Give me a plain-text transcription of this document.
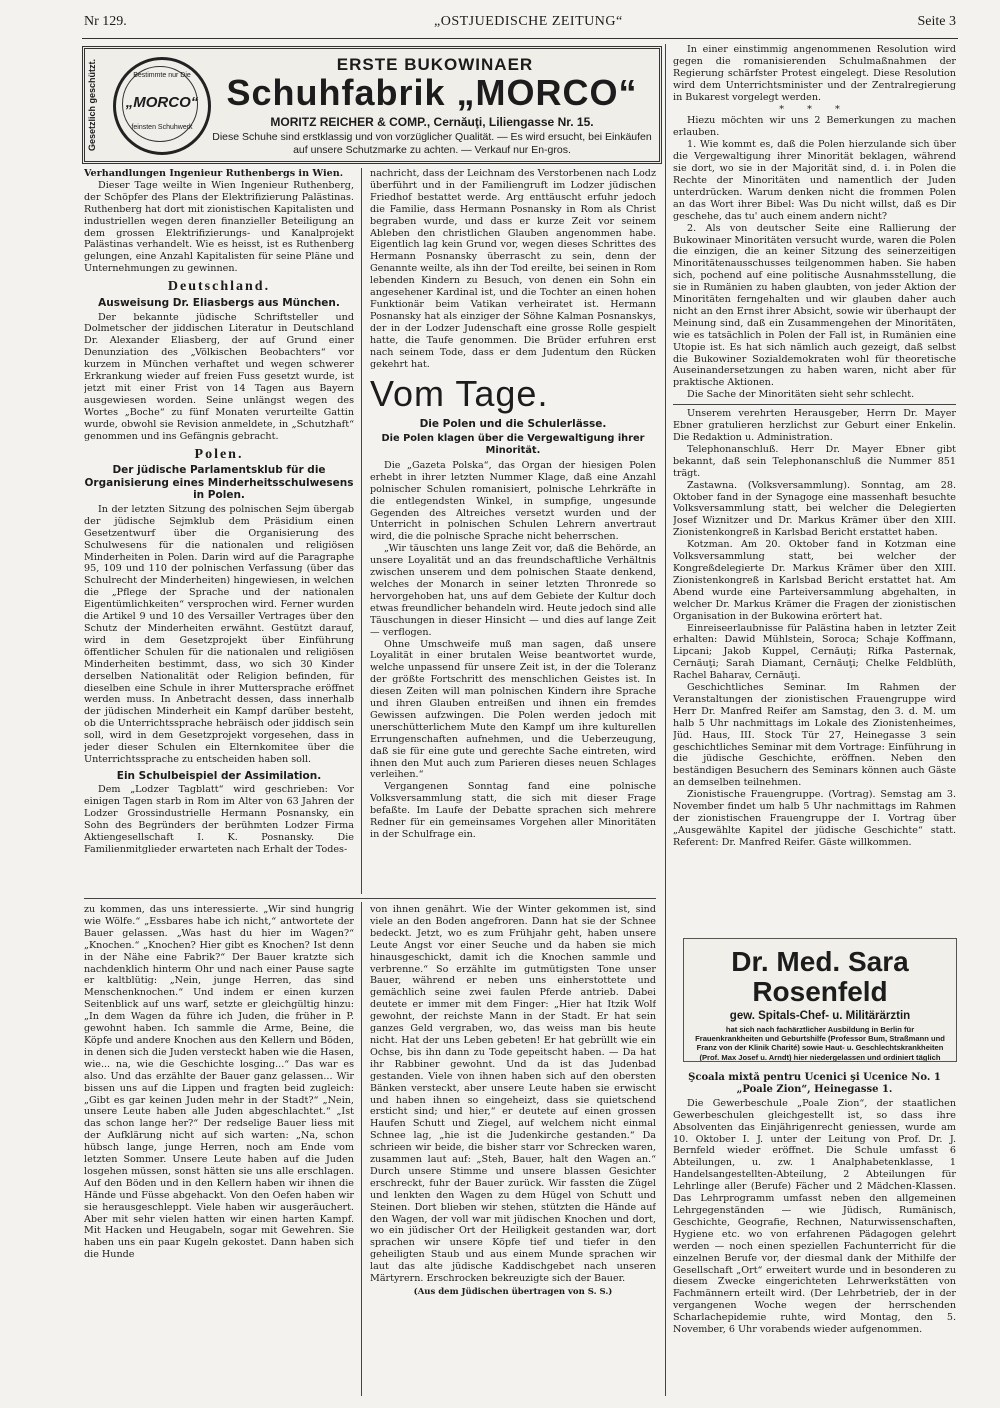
Nr 129.	„OSTJUEDISCHE ZEITUNG“	Seite 3
Gesetzlich geschützt.	Bestimmte nur Die
„MORCO“
feinsten Schuhwerk
ERSTE BUKOWINAER
Schuhfabrik „MORCO“
MORITZ REICHER & COMP., Cernăuţi, Liliengasse Nr. 15.
Diese Schuhe sind erstklassig und von vorzüglicher Qualität. — Es wird ersucht, bei Einkäufen auf unsere Schutzmarke zu achten. — Verkauf nur En-gros.

Verhandlungen Ingenieur Ruthenbergs in Wien.

Dieser Tage weilte in Wien Ingenieur Ruthenberg, der Schöpfer des Plans der Elektrifizierung Palästinas. Ruthenberg hat dort mit zionistischen Kapitalisten und industriellen wegen deren finanzieller Beteiligung an dem grossen Elektrifizierungs- und Kanalprojekt Palästinas verhandelt. Wie es heisst, ist es Ruthenberg gelungen, eine Anzahl Kapitalisten für seine Pläne und Unternehmungen zu gewinnen.

Deutschland.
Ausweisung Dr. Eliasbergs aus München.

Der bekannte jüdische Schriftsteller und Dolmetscher der jiddischen Literatur in Deutschland Dr. Alexander Eliasberg, der auf Grund einer Denunziation des „Völkischen Beobachters“ vor kurzem in München verhaftet und wegen schwerer Erkrankung wieder auf freien Fuss gesetzt wurde, ist jetzt mit einer Frist von 14 Tagen aus Bayern ausgewiesen worden. Seine unlängst wegen des Wortes „Boche“ zu fünf Monaten verurteilte Gattin wurde, obwohl sie Revision anmeldete, in „Schutzhaft“ genommen und ins Gefängnis gebracht.

Polen.
Der jüdische Parlamentsklub für die Organisierung eines Minderheitsschulwesens in Polen.

In der letzten Sitzung des polnischen Sejm übergab der jüdische Sejmklub dem Präsidium einen Gesetzentwurf über die Organisierung des Schulwesens für die nationalen und religiösen Minderheiten in Polen. Darin wird auf die Paragraphe 95, 109 und 110 der polnischen Verfassung (über das Schulrecht der Minderheiten) hingewiesen, in welchen die „Pflege der Sprache und der nationalen Eigentümlichkeiten“ versprochen wird. Ferner wurden die Artikel 9 und 10 des Versailler Vertrages über den Schutz der Minderheiten erwähnt. Gestützt darauf, wird in dem Gesetzprojekt über Einführung öffentlicher Schulen für die nationalen und religiösen Minderheiten bestimmt, dass, wo sich 30 Kinder derselben Nationalität oder Religion befinden, für dieselben eine Schule in ihrer Muttersprache eröffnet werden muss. In Anbetracht dessen, dass innerhalb der jüdischen Minderheit ein Kampf darüber besteht, ob die Unterrichtssprache hebräisch oder jiddisch sein soll, wird in dem Gesetzprojekt vorgesehen, dass in jeder dieser Schulen ein Elternkomitee über die Unterrichtssprache zu entscheiden haben soll.

Ein Schulbeispiel der Assimilation.

Dem „Lodzer Tagblatt“ wird geschrieben: Vor einigen Tagen starb in Rom im Alter von 63 Jahren der Lodzer Grossindustrielle Hermann Posnansky, ein Sohn des Begründers der berühmten Lodzer Firma Aktiengesellschaft I. K. Posnansky. Die Familienmitglieder erwarteten nach Erhalt der Todes-

nachricht, dass der Leichnam des Verstorbenen nach Lodz überführt und in der Familiengruft im Lodzer jüdischen Friedhof bestattet werde. Arg enttäuscht erfuhr jedoch die Familie, dass Hermann Posnansky in Rom als Christ begraben wurde, und dass er kurze Zeit vor seinem Ableben den christlichen Glauben angenommen habe. Eigentlich lag kein Grund vor, wegen dieses Schrittes des Hermann Posnansky überrascht zu sein, denn der Genannte weilte, als ihn der Tod ereilte, bei seinen in Rom lebenden Kindern zu Besuch, von denen ein Sohn ein angesehener Kardinal ist, und die Tochter an einen hohen Funktionär beim Vatikan verheiratet ist. Hermann Posnansky hat als einziger der Söhne Kalman Posnanskys, der in der Lodzer Judenschaft eine grosse Rolle gespielt hatte, die Taufe genommen. Die Brüder erfuhren erst nach seinem Tode, dass er dem Judentum den Rücken gekehrt hat.

Vom Tage.
Die Polen und die Schulerlässe.
Die Polen klagen über die Vergewaltigung ihrer Minorität.

Die „Gazeta Polska“, das Organ der hiesigen Polen erhebt in ihrer letzten Nummer Klage, daß eine Anzahl polnischer Schulen romanisiert, polnische Lehrkräfte in die entlegendsten Winkel, in sumpfige, ungesunde Gegenden des Altreiches versetzt wurden und der Unterricht in polnischen Schulen Lehrern anvertraut wird, die die polnische Sprache nicht beherrschen.

„Wir täuschten uns lange Zeit vor, daß die Behörde, an unsere Loyalität und an das freundschaftliche Verhältnis zwischen unserem und dem polnischen Staate denkend, welches der Monarch in seiner letzten Thronrede so hervorgehoben hat, uns auf dem Gebiete der Kultur doch etwas freundlicher behandeln wird. Heute jedoch sind alle Täuschungen in dieser Hinsicht — und dies auf lange Zeit — verflogen.

Ohne Umschweife muß man sagen, daß unsere Loyalität in einer brutalen Weise beantwortet wurde, welche unpassend für unsere Zeit ist, in der die Toleranz der größte Fortschritt des menschlichen Geistes ist. In diesen Zeiten will man polnischen Kindern ihre Sprache und ihren Glauben entreißen und ihnen ein fremdes Gewissen aufzwingen. Die Polen werden jedoch mit unerschütterlichem Mute den Kampf um ihre kulturellen Errungenschaften aufnehmen, und die Ueberzeugung, daß sie für eine gute und gerechte Sache eintreten, wird ihnen den Mut auch zum Parieren dieses neuen Schlages verleihen.“

Vergangenen Sonntag fand eine polnische Volksversammlung statt, die sich mit dieser Frage befaßte. Im Laufe der Debatte sprachen sich mehrere Redner für ein gemeinsames Vorgehen aller Minoritäten in der Schulfrage ein.

In einer einstimmig angenommenen Resolution wird gegen die romanisierenden Schulmaßnahmen der Regierung schärfster Protest eingelegt. Diese Resolution wird dem Unterrichtsminister und der Zentralregierung in Bukarest vorgelegt werden.

* * *

Hiezu möchten wir uns 2 Bemerkungen zu machen erlauben.

1. Wie kommt es, daß die Polen hierzulande sich über die Vergewaltigung ihrer Minorität beklagen, während sie dort, wo sie in der Majorität sind, d. i. in Polen die Rechte der Minoritäten und namentlich der Juden unterdrücken. Warum denken nicht die frommen Polen an das Wort ihrer Bibel: Was Du nicht willst, daß es Dir geschehe, das tu' auch einem andern nicht?

2. Als von deutscher Seite eine Rallierung der Bukowinaer Minoritäten versucht wurde, waren die Polen die einzigen, die an keiner Sitzung des seinerzeitigen Minoritätenausschusses teilgenommen haben. Sie haben sich, pochend auf eine politische Ausnahmsstellung, die sie in Rumänien zu haben glaubten, von jeder Aktion der Minoritäten ferngehalten und wir glauben daher auch nicht an den Ernst ihrer Absicht, sowie wir überhaupt der Meinung sind, daß ein Zusammengehen der Minoritäten, wie es tatsächlich in Polen der Fall ist, in Rumänien eine Utopie ist. Es hat sich nämlich auch gezeigt, daß selbst die Bukowiner Sozialdemokraten wohl für theoretische Auseinandersetzungen zu haben waren, nicht aber für praktische Aktionen.

Die Sache der Minoritäten sieht sehr schlecht.

Unserem verehrten Herausgeber, Herrn Dr. Mayer Ebner gratulieren herzlichst zur Geburt einer Enkelin. Die Redaktion u. Administration.

Telephonanschluß. Herr Dr. Mayer Ebner gibt bekannt, daß sein Telephonanschluß die Nummer 851 trägt.

Zastawna. (Volksversammlung). Sonntag, am 28. Oktober fand in der Synagoge eine massenhaft besuchte Volksversammlung statt, bei welcher die Delegierten Josef Wiznitzer und Dr. Markus Krämer über den XIII. Zionistenkongreß in Karlsbad Bericht erstattet haben.

Kotzman. Am 20. Oktober fand in Kotzman eine Volksversammlung statt, bei welcher der Kongreßdelegierte Dr. Markus Krämer über den XIII. Zionistenkongreß in Karlsbad Bericht erstattet hat. Am Abend wurde eine Parteiversammlung abgehalten, in welcher Dr. Markus Krämer die Fragen der zionistischen Organisation in der Bukowina erörtert hat.

Einreiseerlaubnisse für Palästina haben in letzter Zeit erhalten: Dawid Mühlstein, Soroca; Schaje Koffmann, Lipcani; Jakob Kuppel, Cernăuţi; Rifka Pasternak, Cernăuţi; Sarah Diamant, Cernăuţi; Chelke Feldblüth, Rachel Baharav, Cernăuţi.

Geschichtliches Seminar. Im Rahmen der Veranstaltungen der zionistischen Frauengruppe wird Herr Dr. Manfred Reifer am Samstag, den 3. d. M. um halb 5 Uhr nachmittags im Lokale des Zionistenheimes, Jüd. Haus, III. Stock Tür 27, Heinegasse 3 sein geschichtliches Seminar mit dem Vortrage: Einführung in die jüdische Geschichte, eröffnen. Neben den beständigen Besuchern des Seminars können auch Gäste an demselben teilnehmen.

Zionistische Frauengruppe. (Vortrag). Semstag am 3. November findet um halb 5 Uhr nachmittags im Rahmen der zionistischen Frauengruppe der I. Vortrag über „Ausgewählte Kapitel der jüdische Geschichte“ statt. Referent: Dr. Manfred Reifer. Gäste willkommen.

Dr. Med. Sara Rosenfeld
gew. Spitals-Chef- u. Militärärztin
hat sich nach fachärztlicher Ausbildung in Berlin für Frauenkrankheiten und Geburtshilfe (Professor Bum, Straßmann und Franz von der Klinik Charité) sowie Haut- u. Geschlechtskrankheiten (Prof. Max Josef u. Arndt) hier niedergelassen und ordiniert täglich

Şcoala mixtă pentru Ucenici şi Ucenice No. 1 „Poale Zion“, Heinegasse 1.

Die Gewerbeschule „Poale Zion“, der staatlichen Gewerbeschulen gleichgestellt ist, so dass ihre Absolventen das Einjährigenrecht geniessen, wurde am 10. Oktober I. J. unter der Leitung von Prof. Dr. J. Bernfeld wieder eröffnet. Die Schule umfasst 6 Abteilungen, u. zw. 1 Analphabetenklasse, 1 Handelsangestellten-Abteilung, 2 Abteilungen für Lehrlinge aller (Berufe) Fächer und 2 Mädchen-Klassen. Das Lehrprogramm umfasst neben den allgemeinen Lehrgegenständen — wie Jüdisch, Rumänisch, Geschichte, Geografie, Rechnen, Naturwissenschaften, Hygiene etc. wo von erfahrenen Pädagogen gelehrt werden — noch einen speziellen Fachunterricht für die einzelnen Berufe vor, der diesmal dank der Mithilfe der Gesellschaft „Ort“ erweitert wurde und in besonderen zu diesem Zwecke eingerichteten Lehrwerkstätten von Fachmännern erteilt wird. (Der Lehrbetrieb, der in der vergangenen Woche wegen der herrschenden Scharlachepidemie ruhte, wird Montag, den 5. November, 6 Uhr vorabends wieder aufgenommen.

zu kommen, das uns interessierte. „Wir sind hungrig wie Wölfe.“ „Essbares habe ich nicht,“ antwortete der Bauer gelassen. „Was hast du hier im Wagen?“ „Knochen.“ „Knochen? Hier gibt es Knochen? Ist denn in der Nähe eine Fabrik?“ Der Bauer kratzte sich nachdenklich hinterm Ohr und nach einer Pause sagte er kaltblütig: „Nein, junge Herren, das sind Menschenknochen.“ Und indem er einen kurzen Seitenblick auf uns warf, setzte er gleichgültig hinzu: „In dem Wagen da führe ich Juden, die früher in P. gewohnt haben. Ich sammle die Arme, Beine, die Köpfe und andere Knochen aus den Kellern und Böden, in denen sich die Juden versteckt haben wie die Hasen, wie... na, wie die Geschichte losging...“ Das war es also. Und das erzählte der Bauer ganz gelassen... Wir bissen uns auf die Lippen und fragten beid zugleich: „Gibt es gar keinen Juden mehr in der Stadt?“ „Nein, unsere Leute haben alle Juden abgeschlachtet.“ „Ist das schon lange her?“ Der redselige Bauer liess mit der Aufklärung nicht auf sich warten: „Na, schon hübsch lange, junge Herren, noch am Ende vom letzten Sommer. Unsere Leute haben auf die Juden losgehen müssen, sonst hätten sie uns alle erschlagen. Auf den Böden und in den Kellern haben wir ihnen die Hände und Füsse abgehackt. Von den Oefen haben wir sie herausgeschleppt. Viele haben wir ausgeräuchert. Aber mit sehr vielen hatten wir einen harten Kampf. Mit Hacken und Heugabeln, sogar mit Gewehren. Sie haben uns ein paar Kugeln gekostet. Dann haben sich die Hunde

von ihnen genährt. Wie der Winter gekommen ist, sind viele an den Boden angefroren. Dann hat sie der Schnee bedeckt. Jetzt, wo es zum Frühjahr geht, haben unsere Leute Angst vor einer Seuche und da haben sie mich hinausgeschickt, damit ich die Knochen sammle und verbrenne.“ So erzählte im gutmütigsten Tone unser Bauer, während er neben uns einherstottete und gemächlich seine zwei faulen Pferde antrieb. Dabei deutete er immer mit dem Finger: „Hier hat Itzik Wolf gewohnt, der reichste Mann in der Stadt. Er hat sein ganzes Geld vergraben, wo, das weiss man bis heute nicht. Hat der uns Leben gebeten! Er hat gebrüllt wie ein Ochse, bis ihn dann zu Tode gepeitscht haben. — Da hat ihr Rabbiner gewohnt. Und da ist das Judenbad gestanden. Viele von ihnen haben sich auf den obersten Bänken versteckt, aber unsere Leute haben sie erwischt und haben ihnen so eingeheizt, dass sie quietschend ersticht sind; und hier,“ er deutete auf einen grossen Haufen Schutt und Ziegel, auf welchem nicht einmal Schnee lag, „hie ist die Judenkirche gestanden.“ Da schrieen wir beide, die bisher starr vor Schrecken waren, zusammen laut auf: „Steh, Bauer, halt den Wagen an.“ Durch unsere Stimme und unsere blassen Gesichter erschreckt, fuhr der Bauer zurück. Wir fassten die Zügel und lenkten den Wagen zu dem Hügel von Schutt und Steinen. Dort blieben wir stehen, stützten die Hände auf den Wagen, der voll war mit jüdischen Knochen und dort, wo ein jüdischer Ort der Heiligkeit gestanden war, dort sprachen wir unsere Köpfe tief und tiefer in den geheiligten Staub und aus einem Munde sprachen wir laut das alte jüdische Kaddischgebet nach unseren Märtyrern. Erschrocken bekreuzigte sich der Bauer.

(Aus dem Jüdischen übertragen von S. S.)
